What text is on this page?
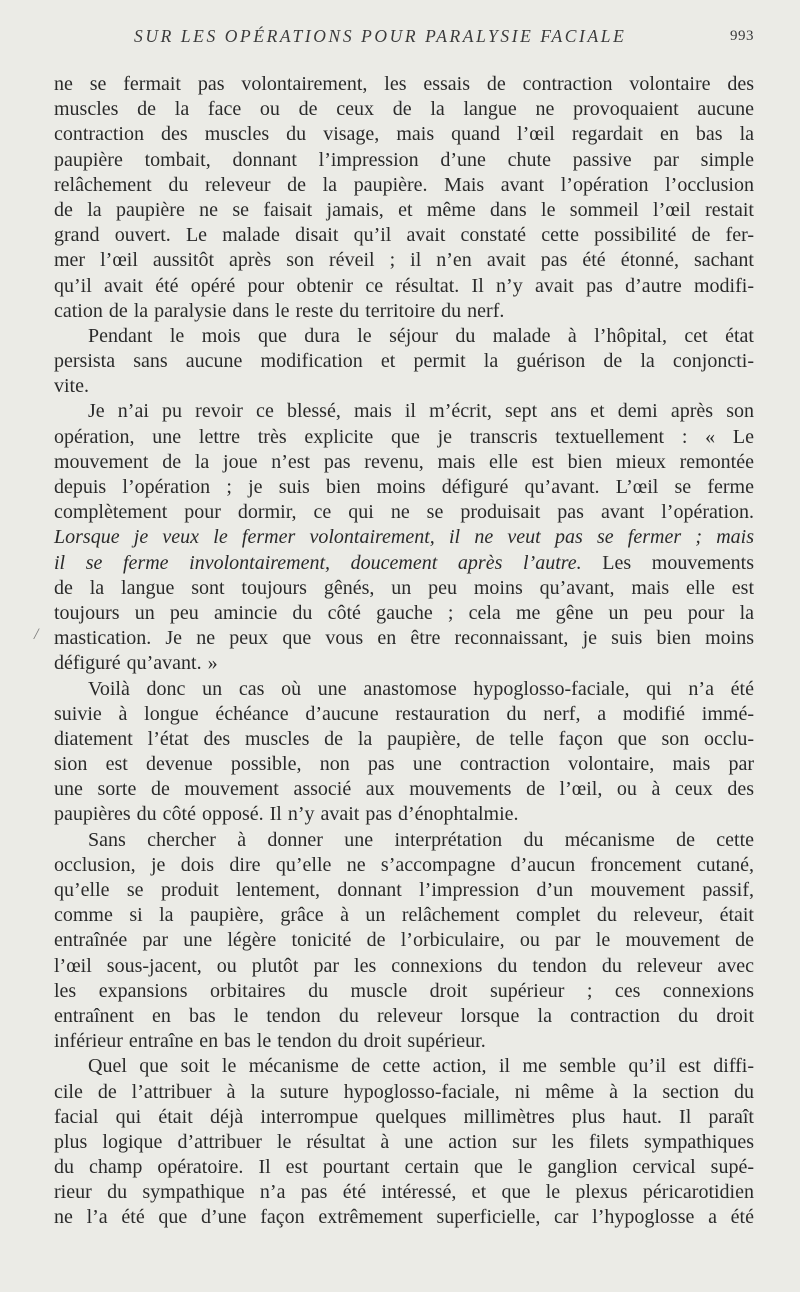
SUR LES OPÉRATIONS POUR PARALYSIE FACIALE	993
/
ne se fermait pas volontairement, les essais de contraction volontaire des
muscles de la face ou de ceux de la langue ne provoquaient aucune
contraction des muscles du visage, mais quand l’œil regardait en bas la
paupière tombait, donnant l’impression d’une chute passive par simple
relâchement du releveur de la paupière. Mais avant l’opération l’occlusion
de la paupière ne se faisait jamais, et même dans le sommeil l’œil restait
grand ouvert. Le malade disait qu’il avait constaté cette possibilité de fer-
mer l’œil aussitôt après son réveil ; il n’en avait pas été étonné, sachant
qu’il avait été opéré pour obtenir ce résultat. Il n’y avait pas d’autre modifi-
cation de la paralysie dans le reste du territoire du nerf.
Pendant le mois que dura le séjour du malade à l’hôpital, cet état
persista sans aucune modification et permit la guérison de la conjoncti-
vite.
Je n’ai pu revoir ce blessé, mais il m’écrit, sept ans et demi après son
opération, une lettre très explicite que je transcris textuellement : « Le
mouvement de la joue n’est pas revenu, mais elle est bien mieux remontée
depuis l’opération ; je suis bien moins défiguré qu’avant. L’œil se ferme
complètement pour dormir, ce qui ne se produisait pas avant l’opération.
Lorsque je veux le fermer volontairement, il ne veut pas se fermer ; mais
il se ferme involontairement, doucement après l’autre. Les mouvements
de la langue sont toujours gênés, un peu moins qu’avant, mais elle est
toujours un peu amincie du côté gauche ; cela me gêne un peu pour la
mastication. Je ne peux que vous en être reconnaissant, je suis bien moins
défiguré qu’avant. »
Voilà donc un cas où une anastomose hypoglosso-faciale, qui n’a été
suivie à longue échéance d’aucune restauration du nerf, a modifié immé-
diatement l’état des muscles de la paupière, de telle façon que son occlu-
sion est devenue possible, non pas une contraction volontaire, mais par
une sorte de mouvement associé aux mouvements de l’œil, ou à ceux des
paupières du côté opposé. Il n’y avait pas d’énophtalmie.
Sans chercher à donner une interprétation du mécanisme de cette
occlusion, je dois dire qu’elle ne s’accompagne d’aucun froncement cutané,
qu’elle se produit lentement, donnant l’impression d’un mouvement passif,
comme si la paupière, grâce à un relâchement complet du releveur, était
entraînée par une légère tonicité de l’orbiculaire, ou par le mouvement de
l’œil sous-jacent, ou plutôt par les connexions du tendon du releveur avec
les expansions orbitaires du muscle droit supérieur ; ces connexions
entraînent en bas le tendon du releveur lorsque la contraction du droit
inférieur entraîne en bas le tendon du droit supérieur.
Quel que soit le mécanisme de cette action, il me semble qu’il est diffi-
cile de l’attribuer à la suture hypoglosso-faciale, ni même à la section du
facial qui était déjà interrompue quelques millimètres plus haut. Il paraît
plus logique d’attribuer le résultat à une action sur les filets sympathiques
du champ opératoire. Il est pourtant certain que le ganglion cervical supé-
rieur du sympathique n’a pas été intéressé, et que le plexus péricarotidien
ne l’a été que d’une façon extrêmement superficielle, car l’hypoglosse a été
